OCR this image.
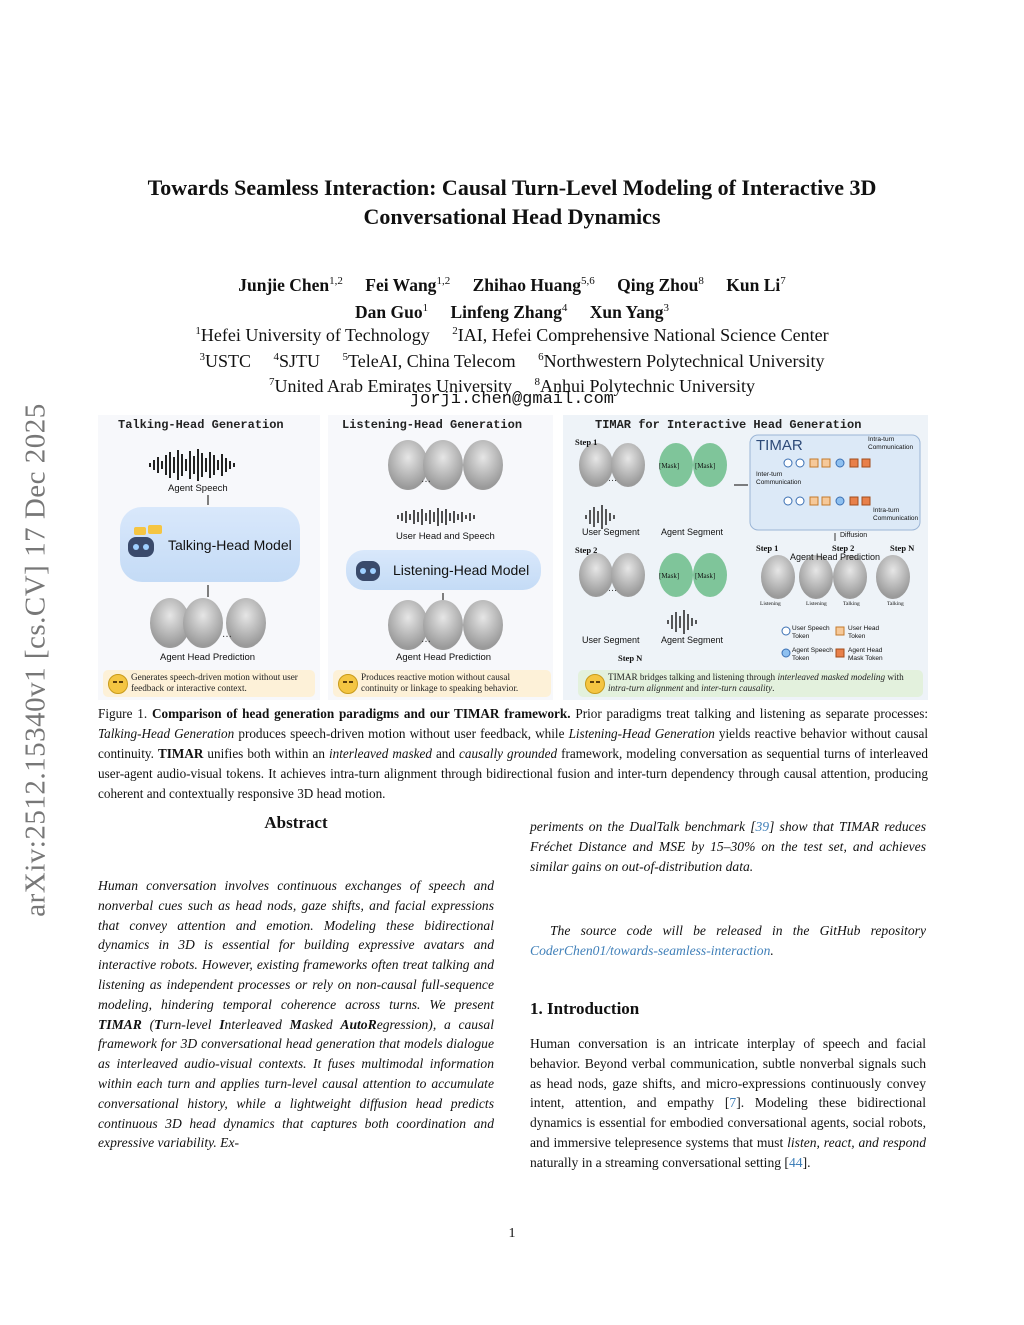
arXiv:2512.15340v1 [cs.CV] 17 Dec 2025
Towards Seamless Interaction: Causal Turn-Level Modeling of Interactive 3D
Conversational Head Dynamics
Junjie Chen$^{1,2}$ Fei Wang$^{1,2}$ Zhihao Huang$^{5,6}$ Qing Zhou$^8$ Kun Li$^7$
Dan Guo$^1$ Linfeng Zhang$^4$ Xun Yang$^3$
$^1$Hefei University of Technology $^2$IAI, Hefei Comprehensive National Science Center
$^3$USTC $^4$SJTU $^5$TeleAI, China Telecom $^6$Northwestern Polytechnical University
$^7$United Arab Emirates University $^8$Anhui Polytechnic University
jorji.chen@gmail.com
…
…
…
…
…
Talking-Head Generation	Listening-Head Generation	TIMAR for Interactive Head Generation
Agent Speech
Talking-Head Model
Agent Head Prediction
Generates speech-driven motion without user feedback or interactive context.
User Head and Speech
Listening-Head Model
Agent Head Prediction
Produces reactive motion without causal continuity or linkage to speaking behavior.
Step 1
[Mask] [Mask]
User Segment Agent Segment
Step 2
[Mask] [Mask]
User Segment Agent Segment
Step N
TIMAR	Intra-turn Communication
Inter-turn Communication
Intra-turn Communication
Diffusion
Step 1	Step 2	Step N
Agent Head Prediction
Listening	Listening	Talking	Talking
User Speech Token
User Head Token
Agent Speech Token
Agent Head Mask Token
TIMAR bridges talking and listening through interleaved masked modeling with intra-turn alignment and inter-turn causality.
Figure 1. Comparison of head generation paradigms and our TIMAR framework. Prior paradigms treat talking and listening as separate processes: Talking-Head Generation produces speech-driven motion without user feedback, while Listening-Head Generation yields reactive behavior without causal continuity. TIMAR unifies both within an interleaved masked and causally grounded framework, modeling conversation as sequential turns of interleaved user-agent audio-visual tokens. It achieves intra-turn alignment through bidirectional fusion and inter-turn dependency through causal attention, producing coherent and contextually responsive 3D head motion.
Abstract
Human conversation involves continuous exchanges of speech and nonverbal cues such as head nods, gaze shifts, and facial expressions that convey attention and emotion. Modeling these bidirectional dynamics in 3D is essential for building expressive avatars and interactive robots. However, existing frameworks often treat talking and listening as independent processes or rely on non-causal full-sequence modeling, hindering temporal coherence across turns. We present TIMAR (Turn-level Interleaved Masked AutoRegression), a causal framework for 3D conversational head generation that models dialogue as interleaved audio-visual contexts. It fuses multimodal information within each turn and applies turn-level causal attention to accumulate conversational history, while a lightweight diffusion head predicts continuous 3D head dynamics that captures both coordination and expressive variability. Ex-
periments on the DualTalk benchmark [39] show that TIMAR reduces Fréchet Distance and MSE by 15–30% on the test set, and achieves similar gains on out-of-distribution data.
The source code will be released in the GitHub repository CoderChen01/towards-seamless-interaction.
1. Introduction
Human conversation is an intricate interplay of speech and facial behavior. Beyond verbal communication, subtle nonverbal signals such as head nods, gaze shifts, and micro-expressions continuously convey intent, attention, and empathy [7]. Modeling these bidirectional dynamics is essential for embodied conversational agents, social robots, and immersive telepresence systems that must listen, react, and respond naturally in a streaming conversational setting [44].
1
